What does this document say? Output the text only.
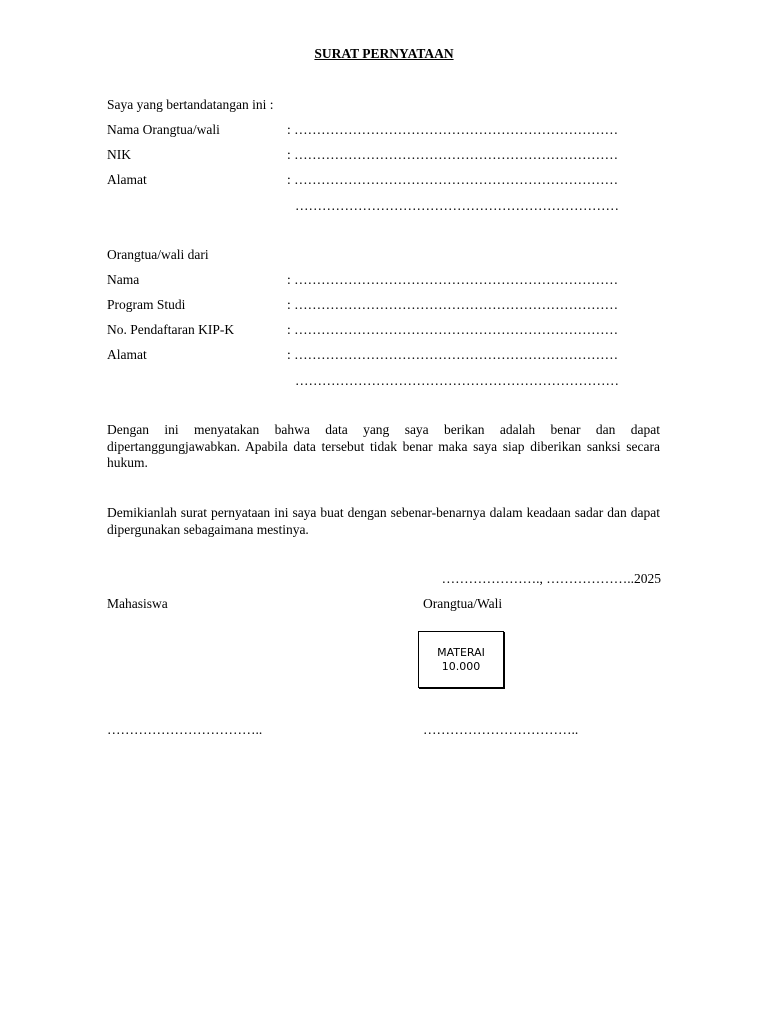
SURAT PERNYATAAN
Saya yang bertandatangan ini :
Nama Orangtua/wali	: ………………………………………………………………
NIK	: ………………………………………………………………
Alamat	: ………………………………………………………………
………………………………………………………………
Orangtua/wali dari
Nama	: ………………………………………………………………
Program Studi	: ………………………………………………………………
No. Pendaftaran KIP-K	: ………………………………………………………………
Alamat	: ………………………………………………………………
………………………………………………………………
Dengan ini menyatakan bahwa data yang saya berikan adalah benar dan dapat dipertanggungjawabkan. Apabila data tersebut tidak benar maka saya siap diberikan sanksi secara hukum.
Demikianlah surat pernyataan ini saya buat dengan sebenar-benarnya dalam keadaan sadar dan dapat dipergunakan sebagaimana mestinya.
…………………., ………………..2025
Mahasiswa	Orangtua/Wali
MATERAI
10.000
……………………………..	……………………………..
